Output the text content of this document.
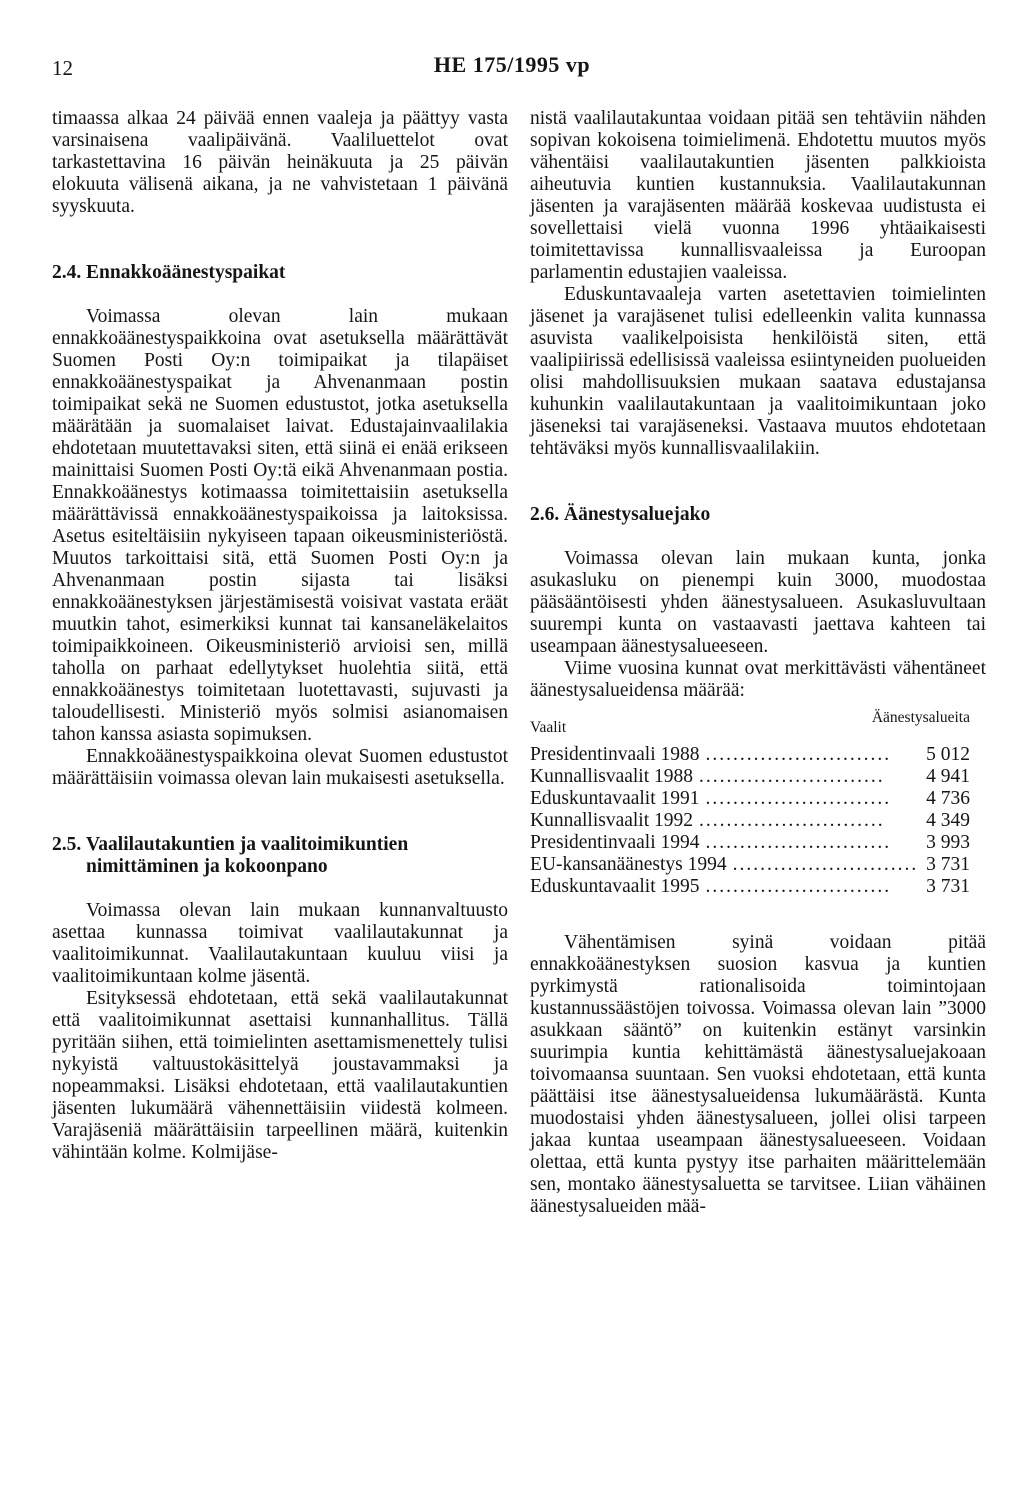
12	HE 175/1995 vp

timaassa alkaa 24 päivää ennen vaaleja ja päättyy vasta varsinaisena vaalipäivänä. Vaaliluettelot ovat tarkastettavina 16 päivän heinäkuuta ja 25 päivän elokuuta välisenä aikana, ja ne vahvistetaan 1 päivänä syyskuuta.

2.4. Ennakkoäänestyspaikat

Voimassa olevan lain mukaan ennakkoäänestyspaikkoina ovat asetuksella määrättävät Suomen Posti Oy:n toimipaikat ja tilapäiset ennakkoäänestyspaikat ja Ahvenanmaan postin toimipaikat sekä ne Suomen edustustot, jotka asetuksella määrätään ja suomalaiset laivat. Edustajainvaalilakia ehdotetaan muutettavaksi siten, että siinä ei enää erikseen mainittaisi Suomen Posti Oy:tä eikä Ahvenanmaan postia. Ennakkoäänestys kotimaassa toimitettaisiin asetuksella määrättävissä ennakkoäänestyspaikoissa ja laitoksissa. Asetus esiteltäisiin nykyiseen tapaan oikeusministeriöstä. Muutos tarkoittaisi sitä, että Suomen Posti Oy:n ja Ahvenanmaan postin sijasta tai lisäksi ennakkoäänestyksen järjestämisestä voisivat vastata eräät muutkin tahot, esimerkiksi kunnat tai kansaneläkelaitos toimipaikkoineen. Oikeusministeriö arvioisi sen, millä taholla on parhaat edellytykset huolehtia siitä, että ennakkoäänestys toimitetaan luotettavasti, sujuvasti ja taloudellisesti. Ministeriö myös solmisi asianomaisen tahon kanssa asiasta sopimuksen.

Ennakkoäänestyspaikkoina olevat Suomen edustustot määrättäisiin voimassa olevan lain mukaisesti asetuksella.

2.5. Vaalilautakuntien ja vaalitoimikuntien nimittäminen ja kokoonpano

Voimassa olevan lain mukaan kunnanvaltuusto asettaa kunnassa toimivat vaalilautakunnat ja vaalitoimikunnat. Vaalilautakuntaan kuuluu viisi ja vaalitoimikuntaan kolme jäsentä.

Esityksessä ehdotetaan, että sekä vaalilautakunnat että vaalitoimikunnat asettaisi kunnanhallitus. Tällä pyritään siihen, että toimielinten asettamismenettely tulisi nykyistä valtuustokäsittelyä joustavammaksi ja nopeammaksi. Lisäksi ehdotetaan, että vaalilautakuntien jäsenten lukumäärä vähennettäisiin viidestä kolmeen. Varajäseniä määrättäisiin tarpeellinen määrä, kuitenkin vähintään kolme. Kolmijäse-

nistä vaalilautakuntaa voidaan pitää sen tehtäviin nähden sopivan kokoisena toimielimenä. Ehdotettu muutos myös vähentäisi vaalilautakuntien jäsenten palkkioista aiheutuvia kuntien kustannuksia. Vaalilautakunnan jäsenten ja varajäsenten määrää koskevaa uudistusta ei sovellettaisi vielä vuonna 1996 yhtäaikaisesti toimitettavissa kunnallisvaaleissa ja Euroopan parlamentin edustajien vaaleissa.

Eduskuntavaaleja varten asetettavien toimielinten jäsenet ja varajäsenet tulisi edelleenkin valita kunnassa asuvista vaalikelpoisista henkilöistä siten, että vaalipiirissä edellisissä vaaleissa esiintyneiden puolueiden olisi mahdollisuuksien mukaan saatava edustajansa kuhunkin vaalilautakuntaan ja vaalitoimikuntaan joko jäseneksi tai varajäseneksi. Vastaava muutos ehdotetaan tehtäväksi myös kunnallisvaalilakiin.

2.6. Äänestysaluejako

Voimassa olevan lain mukaan kunta, jonka asukasluku on pienempi kuin 3000, muodostaa pääsääntöisesti yhden äänestysalueen. Asukasluvultaan suurempi kunta on vastaavasti jaettava kahteen tai useampaan äänestysalueeseen.

Viime vuosina kunnat ovat merkittävästi vähentäneet äänestysalueidensa määrää:

Vaalit
Äänestysalueita
Presidentinvaali 1988 ...........................	5 012
Kunnallisvaalit 1988 ...........................	4 941
Eduskuntavaalit 1991 ...........................	4 736
Kunnallisvaalit 1992 ...........................	4 349
Presidentinvaali 1994 ...........................	3 993
EU-kansanäänestys 1994 ........................... 3 731
Eduskuntavaalit 1995 ...........................	3 731

Vähentämisen syinä voidaan pitää ennakkoäänestyksen suosion kasvua ja kuntien pyrkimystä rationalisoida toimintojaan kustannussäästöjen toivossa. Voimassa olevan lain ”3000 asukkaan sääntö” on kuitenkin estänyt varsinkin suurimpia kuntia kehittämästä äänestysaluejakoaan toivomaansa suuntaan. Sen vuoksi ehdotetaan, että kunta päättäisi itse äänestysalueidensa lukumäärästä. Kunta muodostaisi yhden äänestysalueen, jollei olisi tarpeen jakaa kuntaa useampaan äänestysalueeseen. Voidaan olettaa, että kunta pystyy itse parhaiten määrittelemään sen, montako äänestysaluetta se tarvitsee. Liian vähäinen äänestysalueiden mää-
